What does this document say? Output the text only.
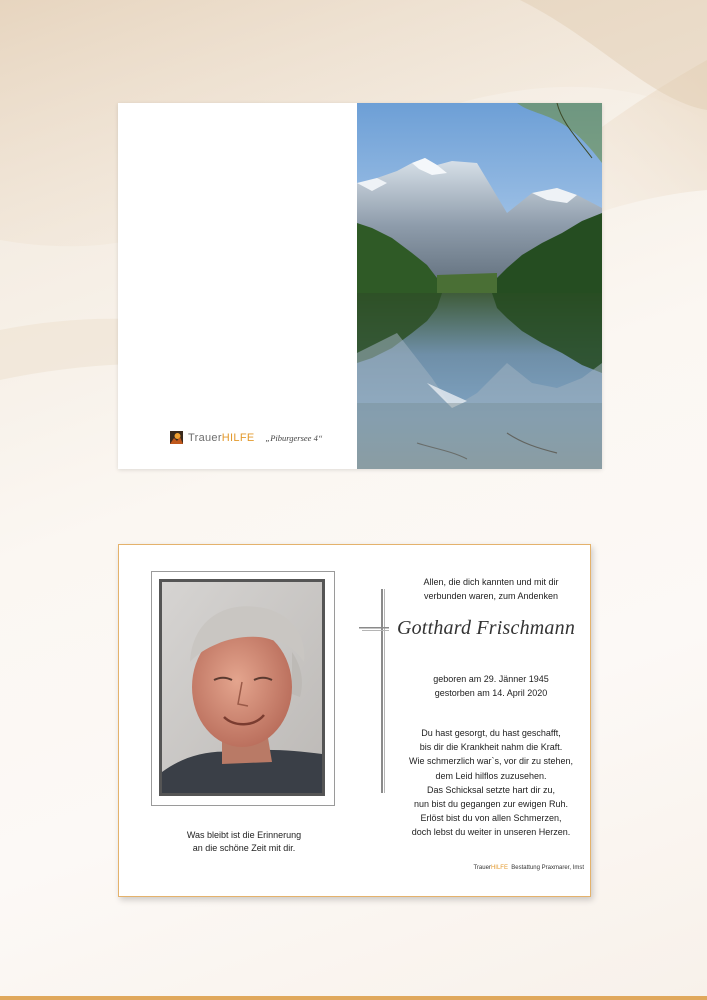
Trauer HILFE „Piburgersee 4“
Was bleibt ist die Erinnerung
an die schöne Zeit mit dir.
Allen, die dich kannten und mit dir
verbunden waren, zum Andenken
Gotthard Frischmann
geboren am 29. Jänner 1945
gestorben am 14. April 2020
Du hast gesorgt, du hast geschafft,
bis dir die Krankheit nahm die Kraft.
Wie schmerzlich war`s, vor dir zu stehen,
dem Leid hilflos zuzusehen.
Das Schicksal setzte hart dir zu,
nun bist du gegangen zur ewigen Ruh.
Erlöst bist du von allen Schmerzen,
doch lebst du weiter in unseren Herzen.
TrauerHILFE Bestattung Praxmarer, Imst
